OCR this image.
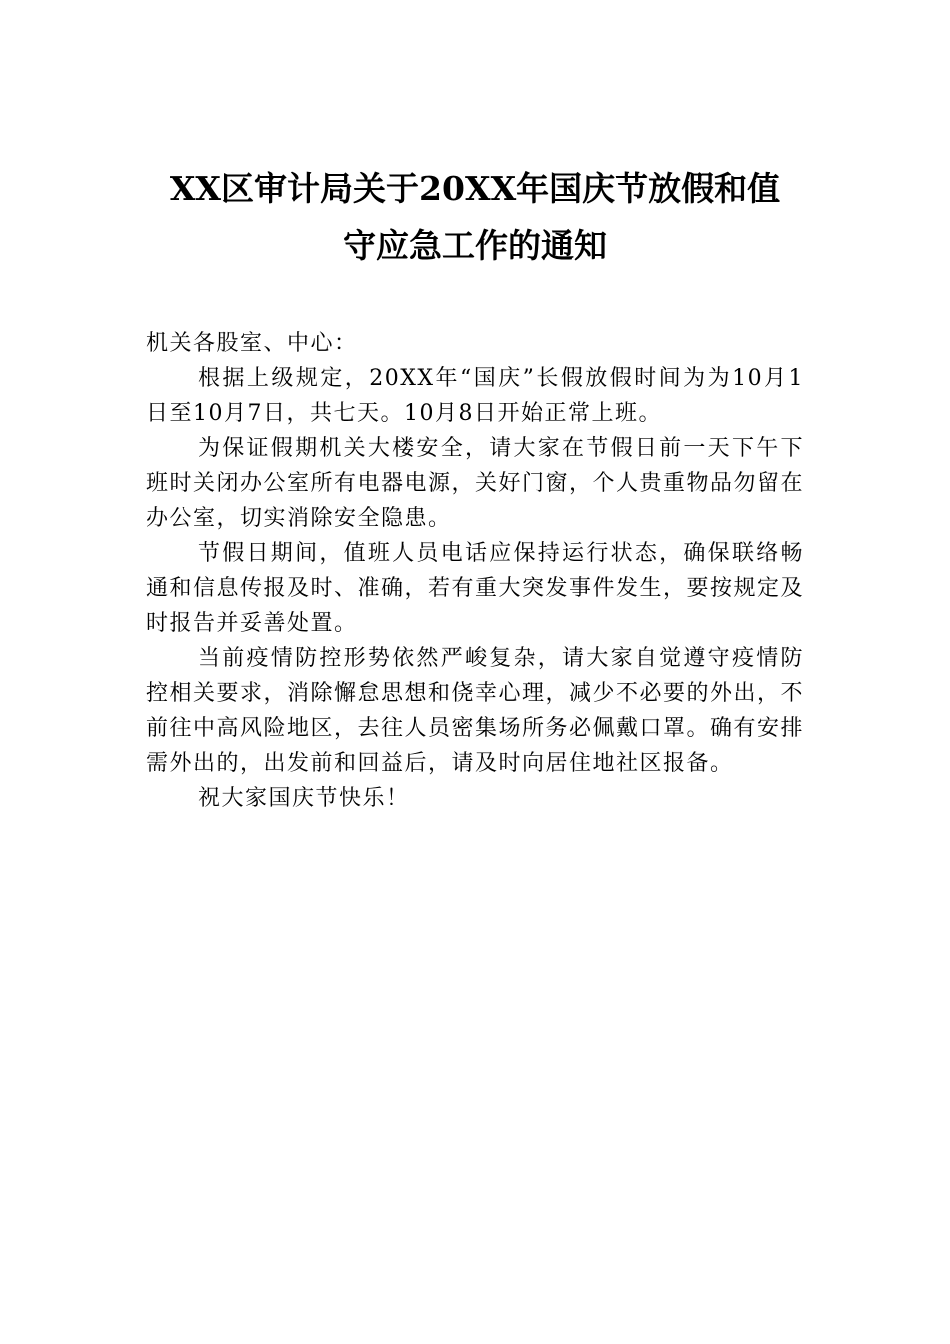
XX区审计局关于20XX年国庆节放假和值
守应急工作的通知

机关各股室、中心：

根据上级规定，20XX年“国庆”长假放假时间为为10月1日至10月7日，共七天。10月8日开始正常上班。

为保证假期机关大楼安全，请大家在节假日前一天下午下班时关闭办公室所有电器电源，关好门窗，个人贵重物品勿留在办公室，切实消除安全隐患。

节假日期间，值班人员电话应保持运行状态，确保联络畅通和信息传报及时、准确，若有重大突发事件发生，要按规定及时报告并妥善处置。

当前疫情防控形势依然严峻复杂，请大家自觉遵守疫情防控相关要求，消除懈怠思想和侥幸心理，减少不必要的外出，不前往中高风险地区，去往人员密集场所务必佩戴口罩。确有安排需外出的，出发前和回益后，请及时向居住地社区报备。

祝大家国庆节快乐！
